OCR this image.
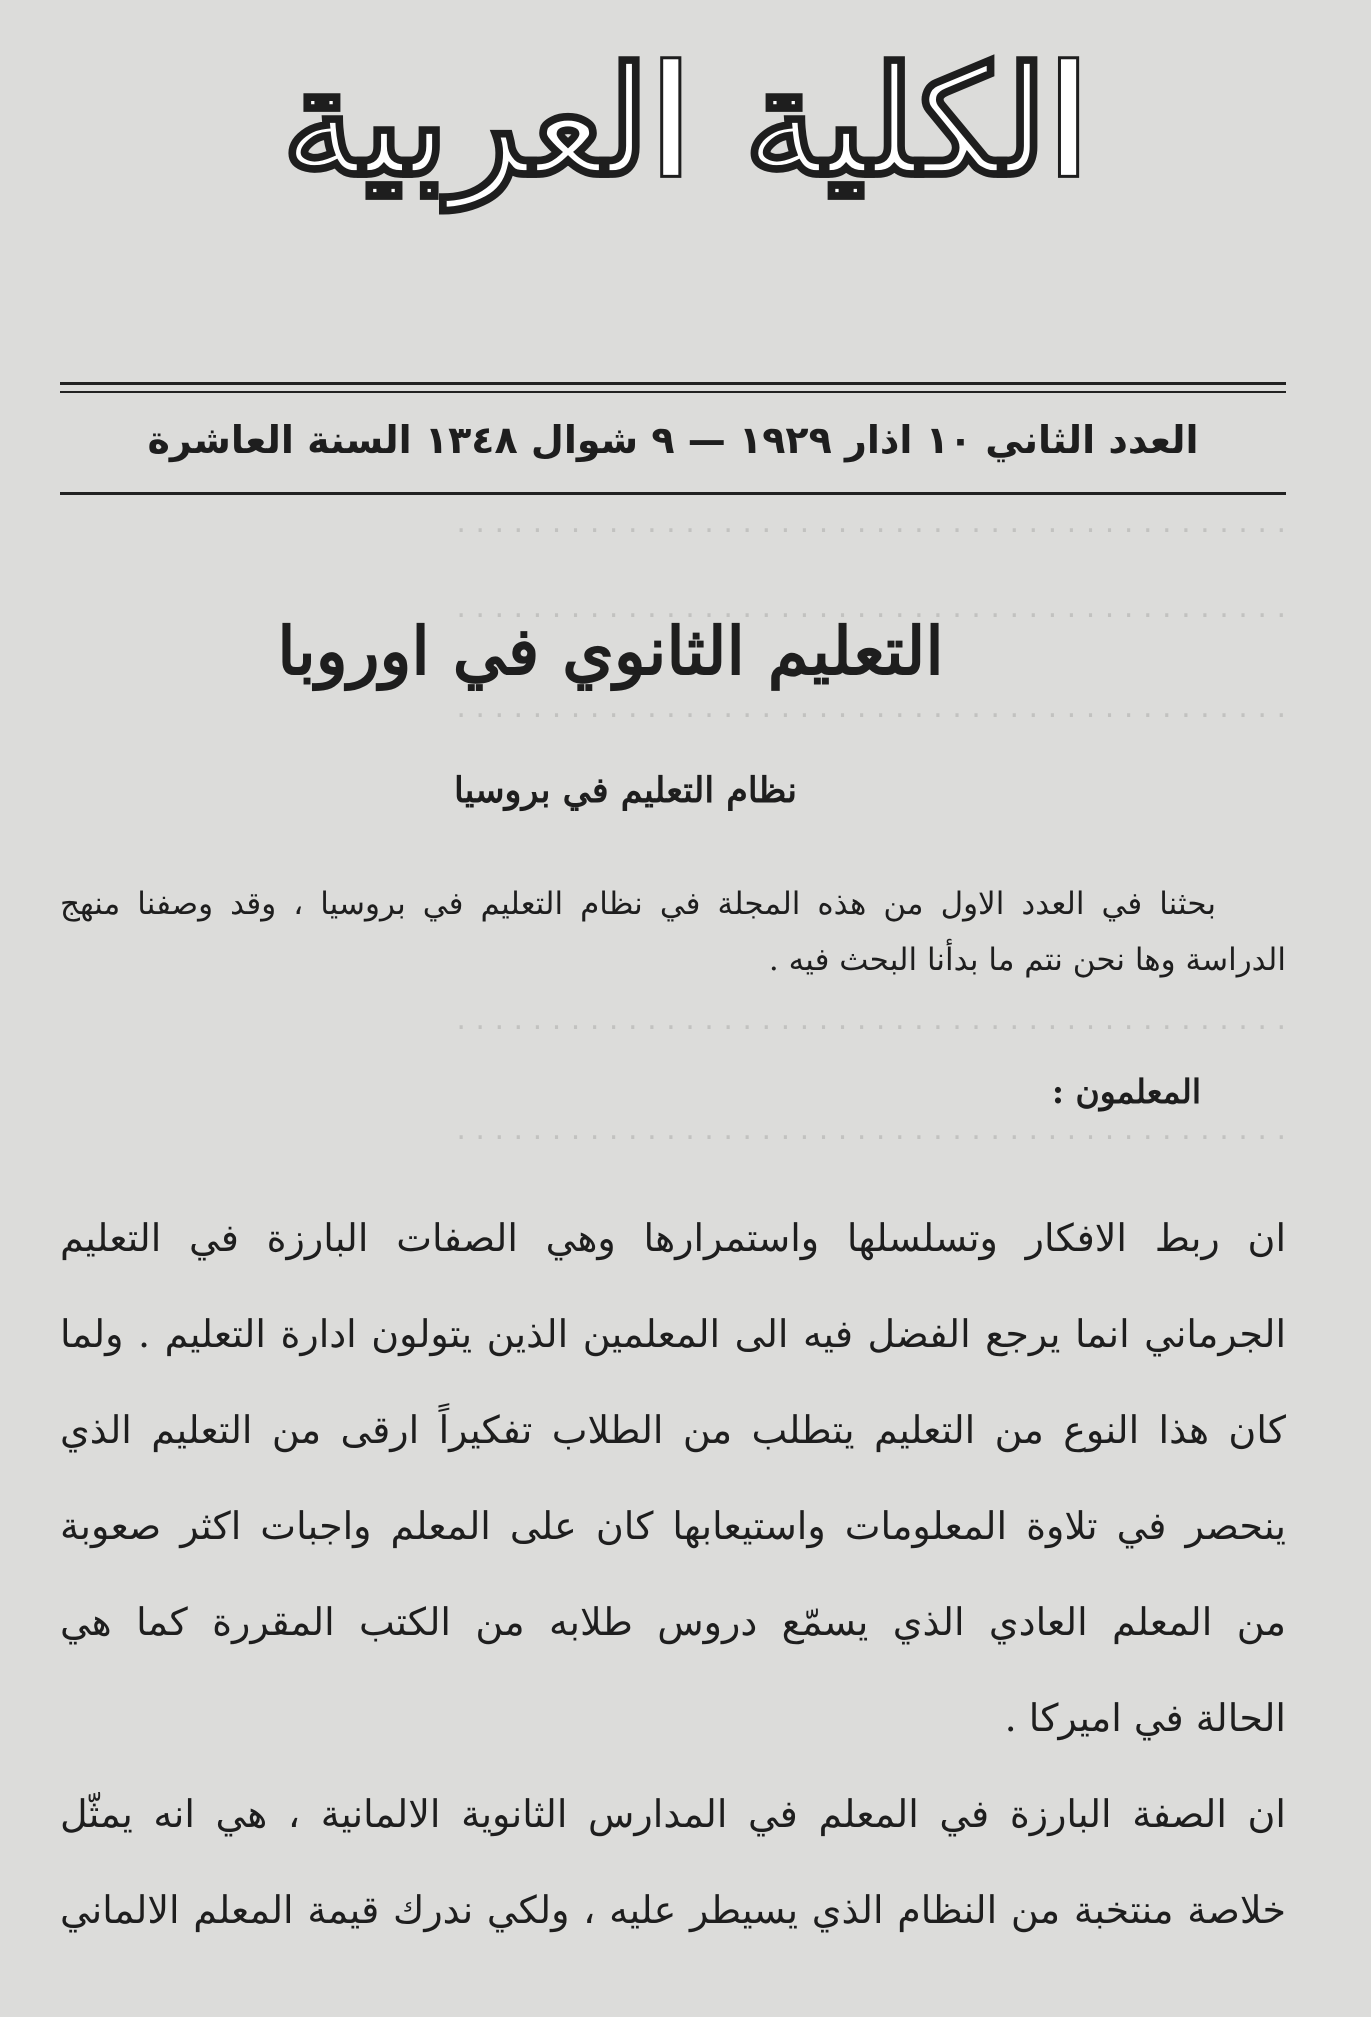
. . . . . . . . . . . . . . . . . . . . . . . . . . . . . . . . . . . . . . . . . . . .
. . . . . . . . . . . . . . . . . . . . . . . . . . . . . . . . . . . . . . . . . . . .
. . . . . . . . . . . . . . . . . . . . . . . . . . . . . . . . . . . . . . . . . . . .
. . . . . . . . . . . . . . . . . . . . . . . . . . . . . . . . . . . . . . . . . . . .
. . . . . . . . . . . . . . . . . . . . . . . . . . . . . . . . . . . . . . . . . . . .
الكلية العربية
العدد الثاني ١٠ اذار ١٩٢٩ — ٩ شوال ١٣٤٨ السنة العاشرة
التعليم الثانوي في اوروبا
نظام التعليم في بروسيا
بحثنا في العدد الاول من هذه المجلة في نظام التعليم في بروسيا ، وقد وصفنا منهج الدراسة وها نحن نتم ما بدأنا البحث فيه .
المعلمون :
ان ربط الافكار وتسلسلها واستمرارها وهي الصفات البارزة في التعليم
الجرماني انما يرجع الفضل فيه الى المعلمين الذين يتولون ادارة التعليم . ولما
كان هذا النوع من التعليم يتطلب من الطلاب تفكيراً ارقى من التعليم الذي
ينحصر في تلاوة المعلومات واستيعابها كان على المعلم واجبات اكثر صعوبة
من المعلم العادي الذي يسمّع دروس طلابه من الكتب المقررة كما هي
الحالة في اميركا .
ان الصفة البارزة في المعلم في المدارس الثانوية الالمانية ، هي انه يمثّل
خلاصة منتخبة من النظام الذي يسيطر عليه ، ولكي ندرك قيمة المعلم الالماني
